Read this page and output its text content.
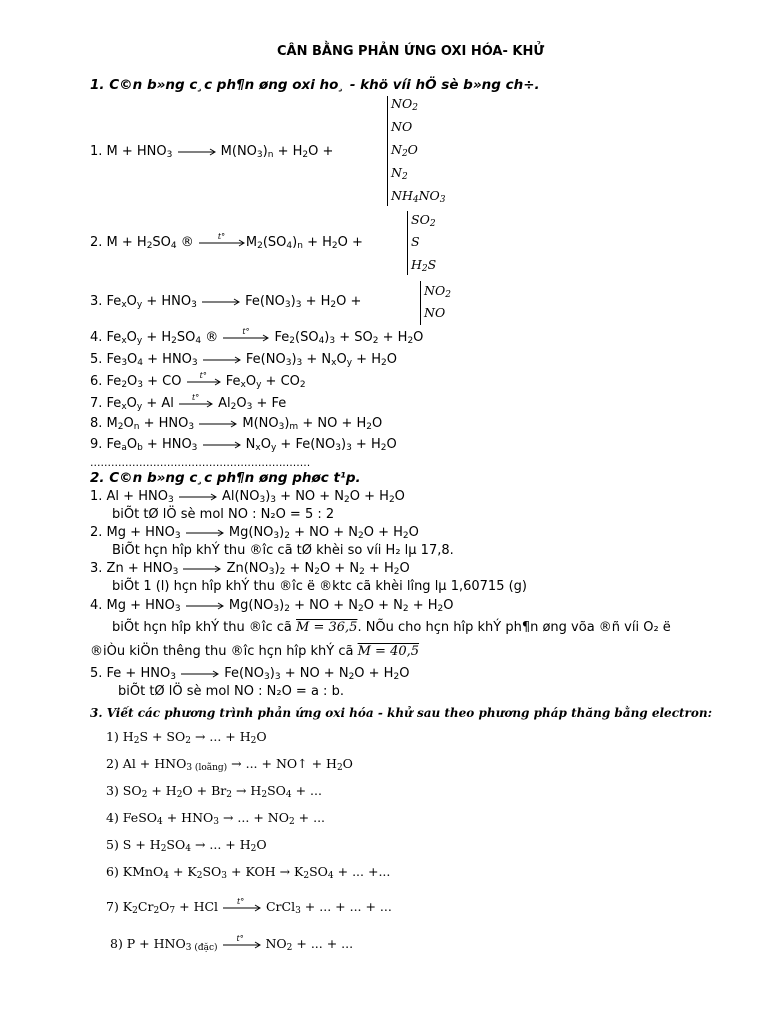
CÂN BẰNG PHẢN ỨNG OXI HÓA- KHỬ
1. C©n b»ng c¸c ph¶n øng oxi ho¸ - khö víi hÖ sè b»ng ch÷.
1. $M + HNO_3$	$M(NO_3)_n + H_2O$ +
$NO_2$
NO
$N_2O$
$N_2$
$NH_4NO_3$
2. $M + H_2SO_4$ ®	t° $M_2(SO_4)_n + H_2O$ +
$SO_2$
S
$H_2S$
3. $Fe_xO_y + HNO_3$	$Fe(NO_3)_3 + H_2O$ +
$NO_2$
NO
4. $Fe_xO_y + H_2SO_4$ ®	t° $Fe_2(SO_4)_3 + SO_2 + H_2O$
5. $Fe_3O_4 + HNO_3$	$Fe(NO_3)_3 + N_xO_y + H_2O$
6. $Fe_2O_3$ + CO t° $Fe_xO_y + CO_2$
7. $Fe_xO_y + Al$ t° $Al_2O_3 + Fe$
8. $M_2O_n + HNO_3$	$M(NO_3)_m$ + NO + $H_2O$
9. $Fe_aO_b + HNO_3$	$N_xO_y + Fe(NO_3)_3 + H_2O$
...............................................................
2. C©n b»ng c¸c ph¶n øng phøc t¹p.
1. $Al + HNO_3$	$Al(NO_3)_3$ + NO + $N_2O + H_2O$
biÕt tØ lÖ sè mol NO : N₂O = 5 : 2
2. $Mg + HNO_3$	$Mg(NO_3)_2$ + NO + $N_2O + H_2O$
BiÕt hçn hîp khÝ thu ®îc cã tØ khèi so víi H₂ lµ 17,8.
3. $Zn + HNO_3$	$Zn(NO_3)_2 + N_2O + N_2 + H_2O$
biÕt 1 (l) hçn hîp khÝ thu ®îc ë ®ktc cã khèi lîng lµ 1,60715 (g)
4. $Mg + HNO_3$	$Mg(NO_3)_2$ + NO + $N_2O + N_2 + H_2O$
biÕt hçn hîp khÝ thu ®îc cã M = 36,5. NÕu cho hçn hîp khÝ ph¶n øng võa ®ñ víi O₂ ë
®iÒu kiÖn thêng thu ®îc hçn hîp khÝ cã M = 40,5
5. $Fe + HNO_3$	$Fe(NO_3)_3$ + NO + $N_2O + H_2O$
biÕt tØ lÖ sè mol NO : N₂O = a : b.
3. Viết các phương trình phản ứng oxi hóa - khử sau theo phương pháp thăng bằng electron:
1) $H_2S + SO_2$ → ... + $H_2O$
2) $Al + HNO_{3 (loãng)}$ → ... + NO↑ + $H_2O$
3) $SO_2 + H_2O + Br_2 \to H_2SO_4$ + ...
4) FeSO$_4$ + $HNO_3$ → ... + $NO_2$ + ...
5) $S + H_2SO_4$ → ... + $H_2O$
6) KMnO$_4$ + $K_2SO_3$ + KOH → $K_2SO_4$ + ... +...
7) $K_2Cr_2O_7$ + HCl t° CrCl$_3$ + ... + ... + ...
8) $P + HNO_{3 (đặc)}$
t° $NO_2$ + ... + ...
